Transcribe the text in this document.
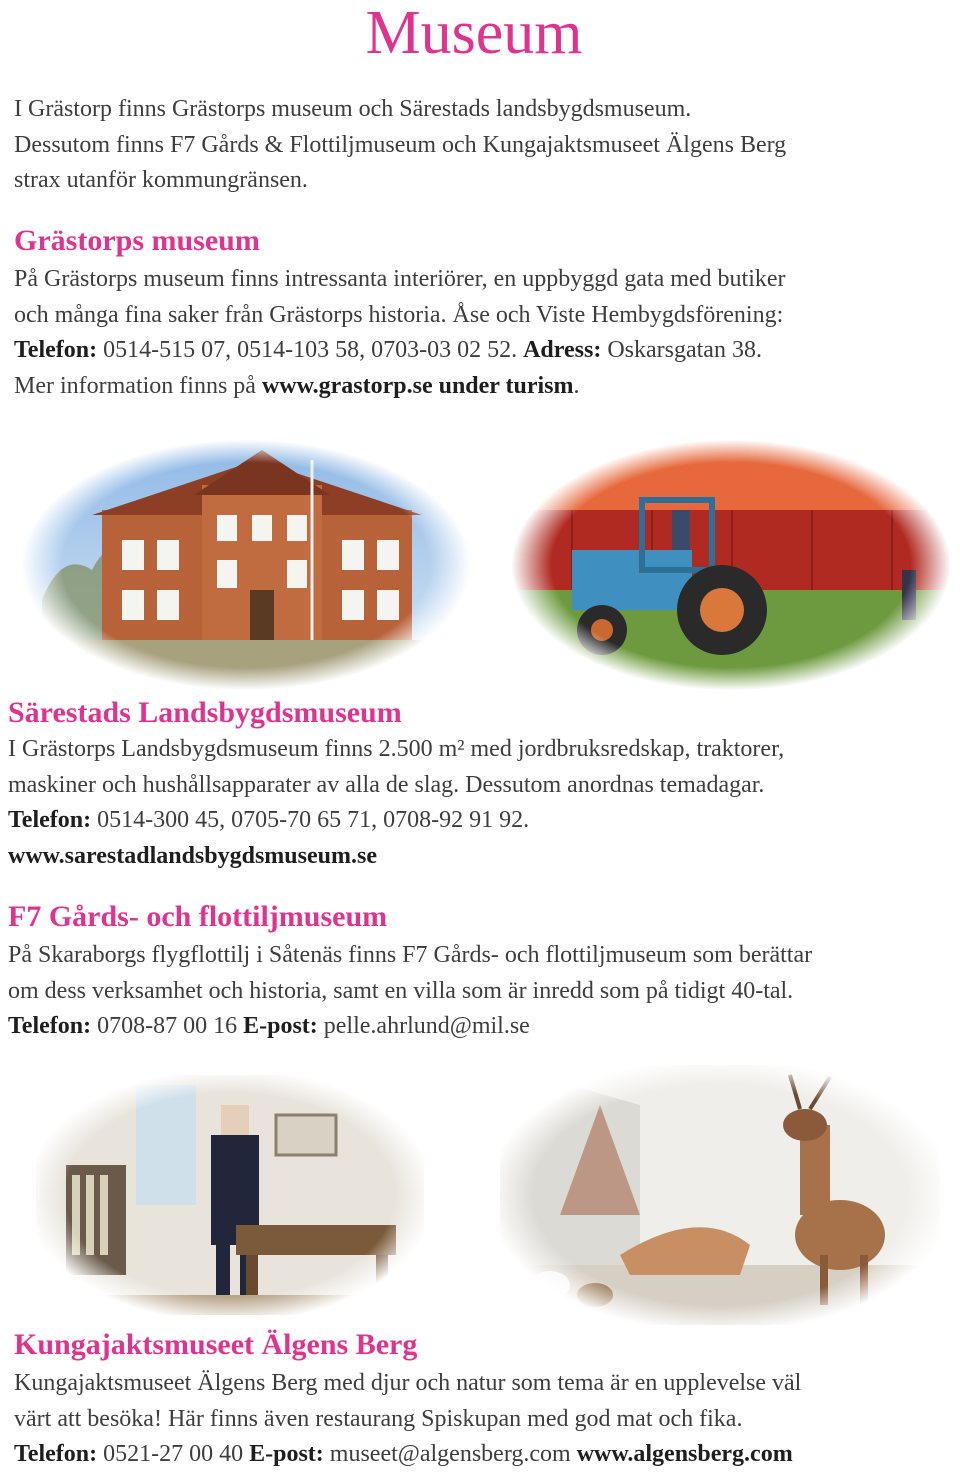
Museum

I Grästorp finns Grästorps museum och Särestads landsbygdsmuseum.

Dessutom finns F7 Gårds & Flottiljmuseum och Kungajaktsmuseet Älgens Berg

strax utanför kommungränsen.

Grästorps museum

På Grästorps museum finns intressanta interiörer, en uppbyggd gata med butiker

och många fina saker från Grästorps historia. Åse och Viste Hembygdsförening:

Telefon: 0514-515 07, 0514-103 58, 0703-03 02 52. Adress: Oskarsgatan 38.

Mer information finns på www.grastorp.se under turism.

Särestads Landsbygdsmuseum

I Grästorps Landsbygdsmuseum finns 2.500 m² med jordbruksredskap, traktorer,

maskiner och hushållsapparater av alla de slag. Dessutom anordnas temadagar.

Telefon: 0514-300 45, 0705-70 65 71, 0708-92 91 92.

www.sarestadlandsbygdsmuseum.se

F7 Gårds- och flottiljmuseum

På Skaraborgs flygflottilj i Såtenäs finns F7 Gårds- och flottiljmuseum som berättar

om dess verksamhet och historia, samt en villa som är inredd som på tidigt 40-tal.

Telefon: 0708-87 00 16 E-post: pelle.ahrlund@mil.se

Kungajaktsmuseet Älgens Berg

Kungajaktsmuseet Älgens Berg med djur och natur som tema är en upplevelse väl

värt att besöka! Här finns även restaurang Spiskupan med god mat och fika.

Telefon: 0521-27 00 40 E-post: museet@algensberg.com www.algensberg.com
